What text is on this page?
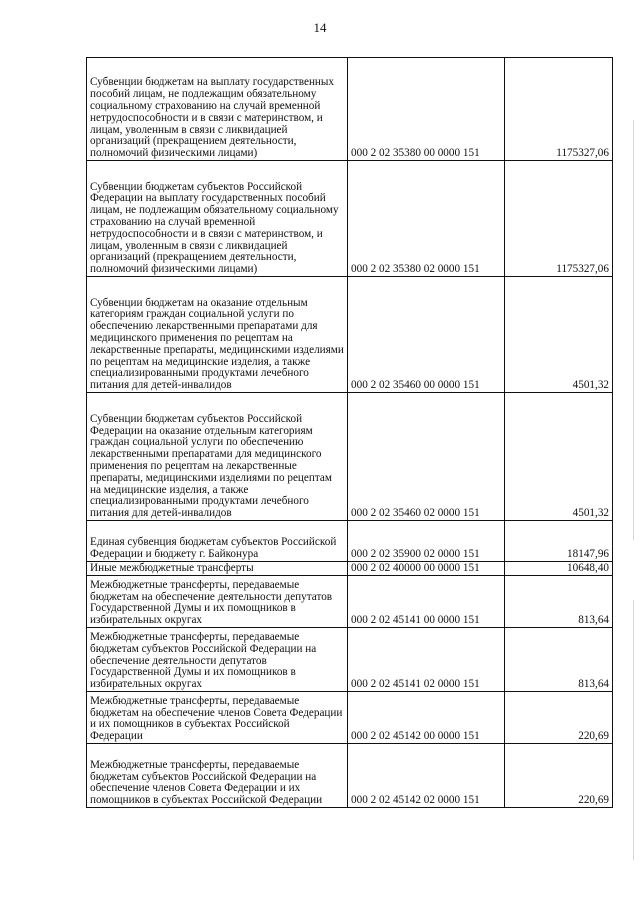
14
Субвенции бюджетам на выплату государственных пособий лицам, не подлежащим обязательному социальному страхованию на случай временной нетрудоспособности и в связи с материнством, и лицам, уволенным в связи с ликвидацией организаций (прекращением деятельности, полномочий физическими лицами)	000 2 02 35380 00 0000 151	1175327,06
Субвенции бюджетам субъектов Российской Федерации на выплату государственных пособий лицам, не подлежащим обязательному социальному страхованию на случай временной нетрудоспособности и в связи с материнством, и лицам, уволенным в связи с ликвидацией организаций (прекращением деятельности, полномочий физическими лицами)	000 2 02 35380 02 0000 151	1175327,06
Субвенции бюджетам на оказание отдельным категориям граждан социальной услуги по обеспечению лекарственными препаратами для медицинского применения по рецептам на лекарственные препараты, медицинскими изделиями по рецептам на медицинские изделия, а также специализированными продуктами лечебного питания для детей-инвалидов	000 2 02 35460 00 0000 151	4501,32
Субвенции бюджетам субъектов Российской Федерации на оказание отдельным категориям граждан социальной услуги по обеспечению лекарственными препаратами для медицинского применения по рецептам на лекарственные препараты, медицинскими изделиями по рецептам на медицинские изделия, а также специализированными продуктами лечебного питания для детей-инвалидов	000 2 02 35460 02 0000 151	4501,32
Единая субвенция бюджетам субъектов Российской Федерации и бюджету г. Байконура	000 2 02 35900 02 0000 151	18147,96
Иные межбюджетные трансферты	000 2 02 40000 00 0000 151	10648,40
Межбюджетные трансферты, передаваемые бюджетам на обеспечение деятельности депутатов Государственной Думы и их помощников в избирательных округах	000 2 02 45141 00 0000 151	813,64
Межбюджетные трансферты, передаваемые бюджетам субъектов Российской Федерации на обеспечение деятельности депутатов Государственной Думы и их помощников в избирательных округах	000 2 02 45141 02 0000 151	813,64
Межбюджетные трансферты, передаваемые бюджетам на обеспечение членов Совета Федерации и их помощников в субъектах Российской Федерации	000 2 02 45142 00 0000 151	220,69
Межбюджетные трансферты, передаваемые бюджетам субъектов Российской Федерации на обеспечение членов Совета Федерации и их помощников в субъектах Российской Федерации	000 2 02 45142 02 0000 151	220,69
